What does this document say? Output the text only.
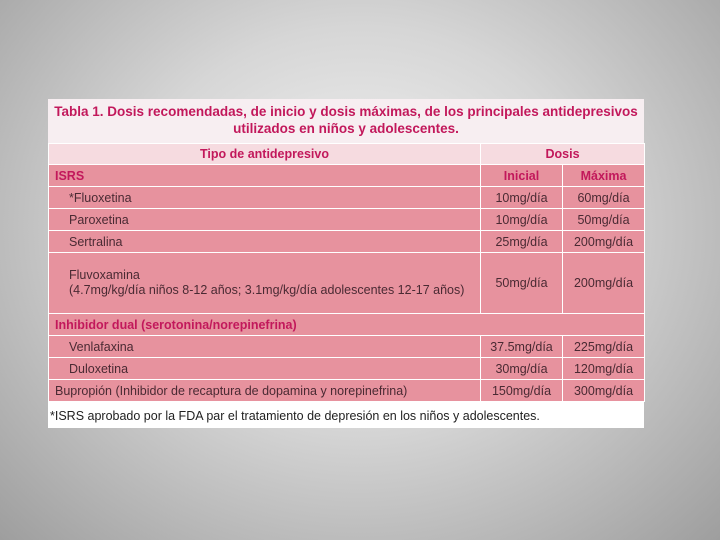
Tabla 1. Dosis recomendadas, de inicio y dosis máximas, de los principales antidepresivos
utilizados en niños y adolescentes.
Tipo de antidepresivo	Dosis	
ISRS	Inicial	Máxima
*Fluoxetina	10mg/día	60mg/día
Paroxetina	10mg/día	50mg/día
Sertralina	25mg/día	200mg/día

Fluvoxamina
(4.7mg/kg/día niños 8-12 años; 3.1mg/kg/día adolescentes 12-17 años)	50mg/día	200mg/día
Inhibidor dual (serotonina/norepinefrina)		
Venlafaxina	37.5mg/día	225mg/día
Duloxetina	30mg/día	120mg/día
Bupropión (Inhibidor de recaptura de dopamina y norepinefrina)	150mg/día	300mg/día
*ISRS aprobado por la FDA par el tratamiento de depresión en los niños y adolescentes.
